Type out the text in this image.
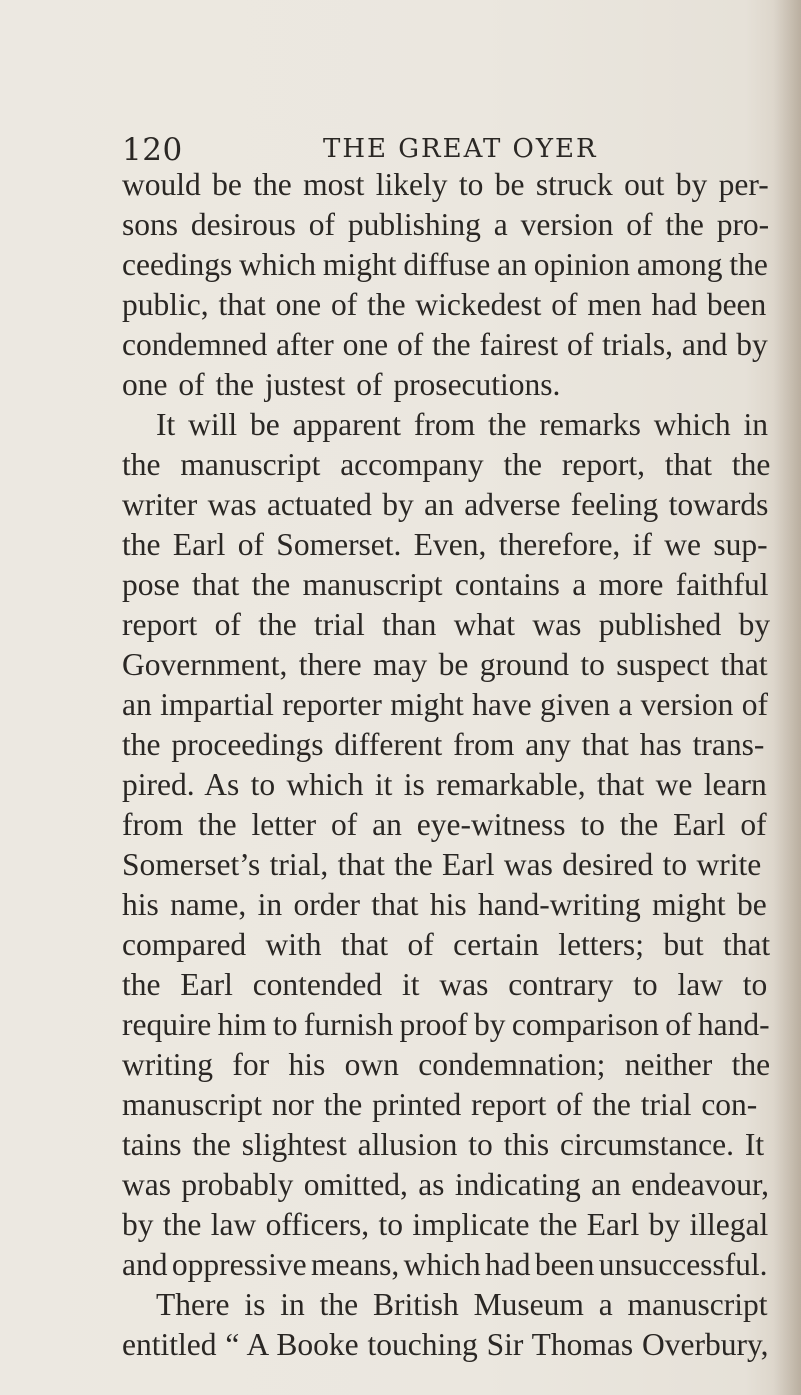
120	THE GREAT OYER
would be the most likely to be struck out by per-
sons desirous of publishing a version of the pro-
ceedings which might diffuse an opinion among the
public, that one of the wickedest of men had been
condemned after one of the fairest of trials, and by
one of the justest of prosecutions.
It will be apparent from the remarks which in
the manuscript accompany the report, that the
writer was actuated by an adverse feeling towards
the Earl of Somerset. Even, therefore, if we sup-
pose that the manuscript contains a more faithful
report of the trial than what was published by
Government, there may be ground to suspect that
an impartial reporter might have given a version of
the proceedings different from any that has trans-
pired. As to which it is remarkable, that we learn
from the letter of an eye-witness to the Earl of
Somerset’s trial, that the Earl was desired to write
his name, in order that his hand-writing might be
compared with that of certain letters; but that
the Earl contended it was contrary to law to
require him to furnish proof by comparison of hand-
writing for his own condemnation; neither the
manuscript nor the printed report of the trial con-
tains the slightest allusion to this circumstance. It
was probably omitted, as indicating an endeavour,
by the law officers, to implicate the Earl by illegal
and oppressive means, which had been unsuccessful.
There is in the British Museum a manuscript
entitled “ A Booke touching Sir Thomas Overbury,
